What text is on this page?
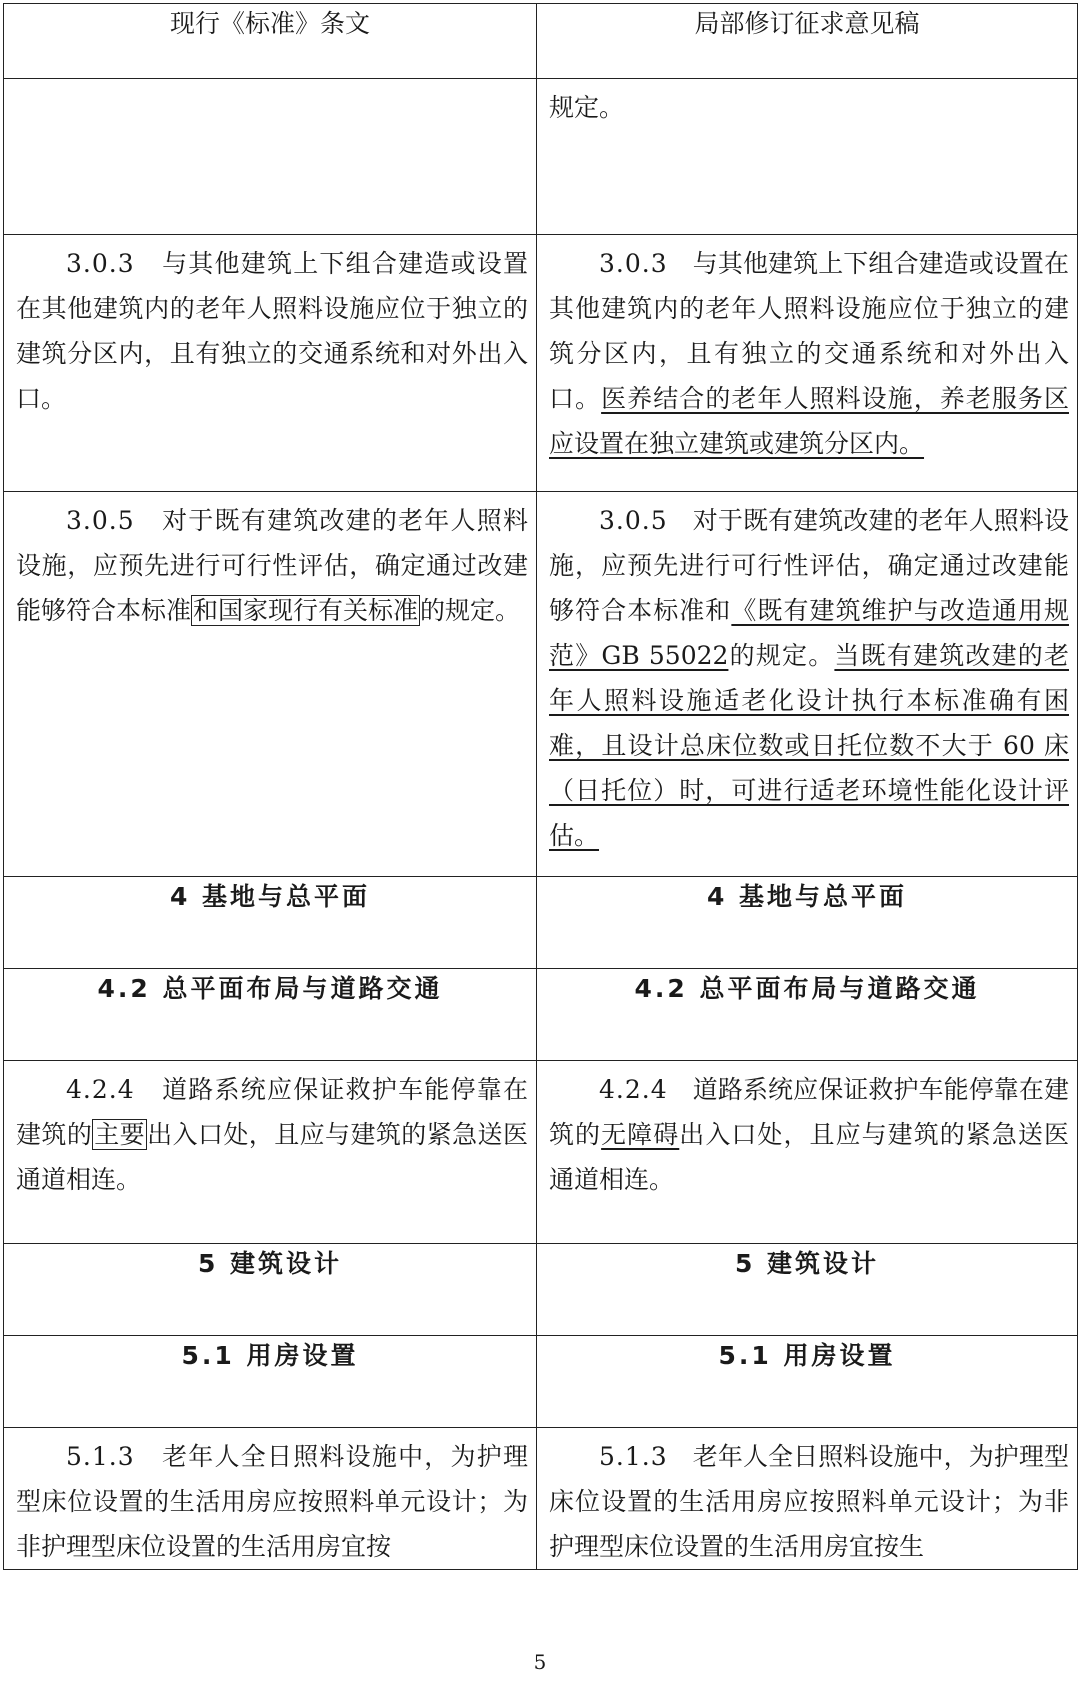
现行《标准》条文	局部修订征求意见稿

	规定。

3.0.3　 与其他建筑上下组合建造或设置在其他建筑内的老年人照料设施应位于独立的建筑分区内，且有独立的交通系统和对外出入口。	3.0.3　 与其他建筑上下组合建造或设置在其他建筑内的老年人照料设施应位于独立的建筑分区内，且有独立的交通系统和对外出入口。医养结合的老年人照料设施，养老服务区应设置在独立建筑或建筑分区内。

3.0.5　 对于既有建筑改建的老年人照料设施，应预先进行可行性评估，确定通过改建能够符合本标准和国家现行有关标准的规定。	3.0.5　 对于既有建筑改建的老年人照料设施，应预先进行可行性评估，确定通过改建能够符合本标准和《既有建筑维护与改造通用规范》GB 55022的规定。当既有建筑改建的老年人照料设施适老化设计执行本标准确有困难，且设计总床位数或日托位数不大于 60 床（日托位）时，可进行适老环境性能化设计评估。

4 基地与总平面	4 基地与总平面
4.2 总平面布局与道路交通	4.2 总平面布局与道路交通

4.2.4　 道路系统应保证救护车能停靠在建筑的主要出入口处，且应与建筑的紧急送医通道相连。	4.2.4　 道路系统应保证救护车能停靠在建筑的无障碍出入口处，且应与建筑的紧急送医通道相连。

5 建筑设计	5 建筑设计
5.1 用房设置	5.1 用房设置

5.1.3　 老年人全日照料设施中，为护理型床位设置的生活用房应按照料单元设计；为非护理型床位设置的生活用房宜按	5.1.3　 老年人全日照料设施中，为护理型床位设置的生活用房应按照料单元设计；为非护理型床位设置的生活用房宜按生
5
